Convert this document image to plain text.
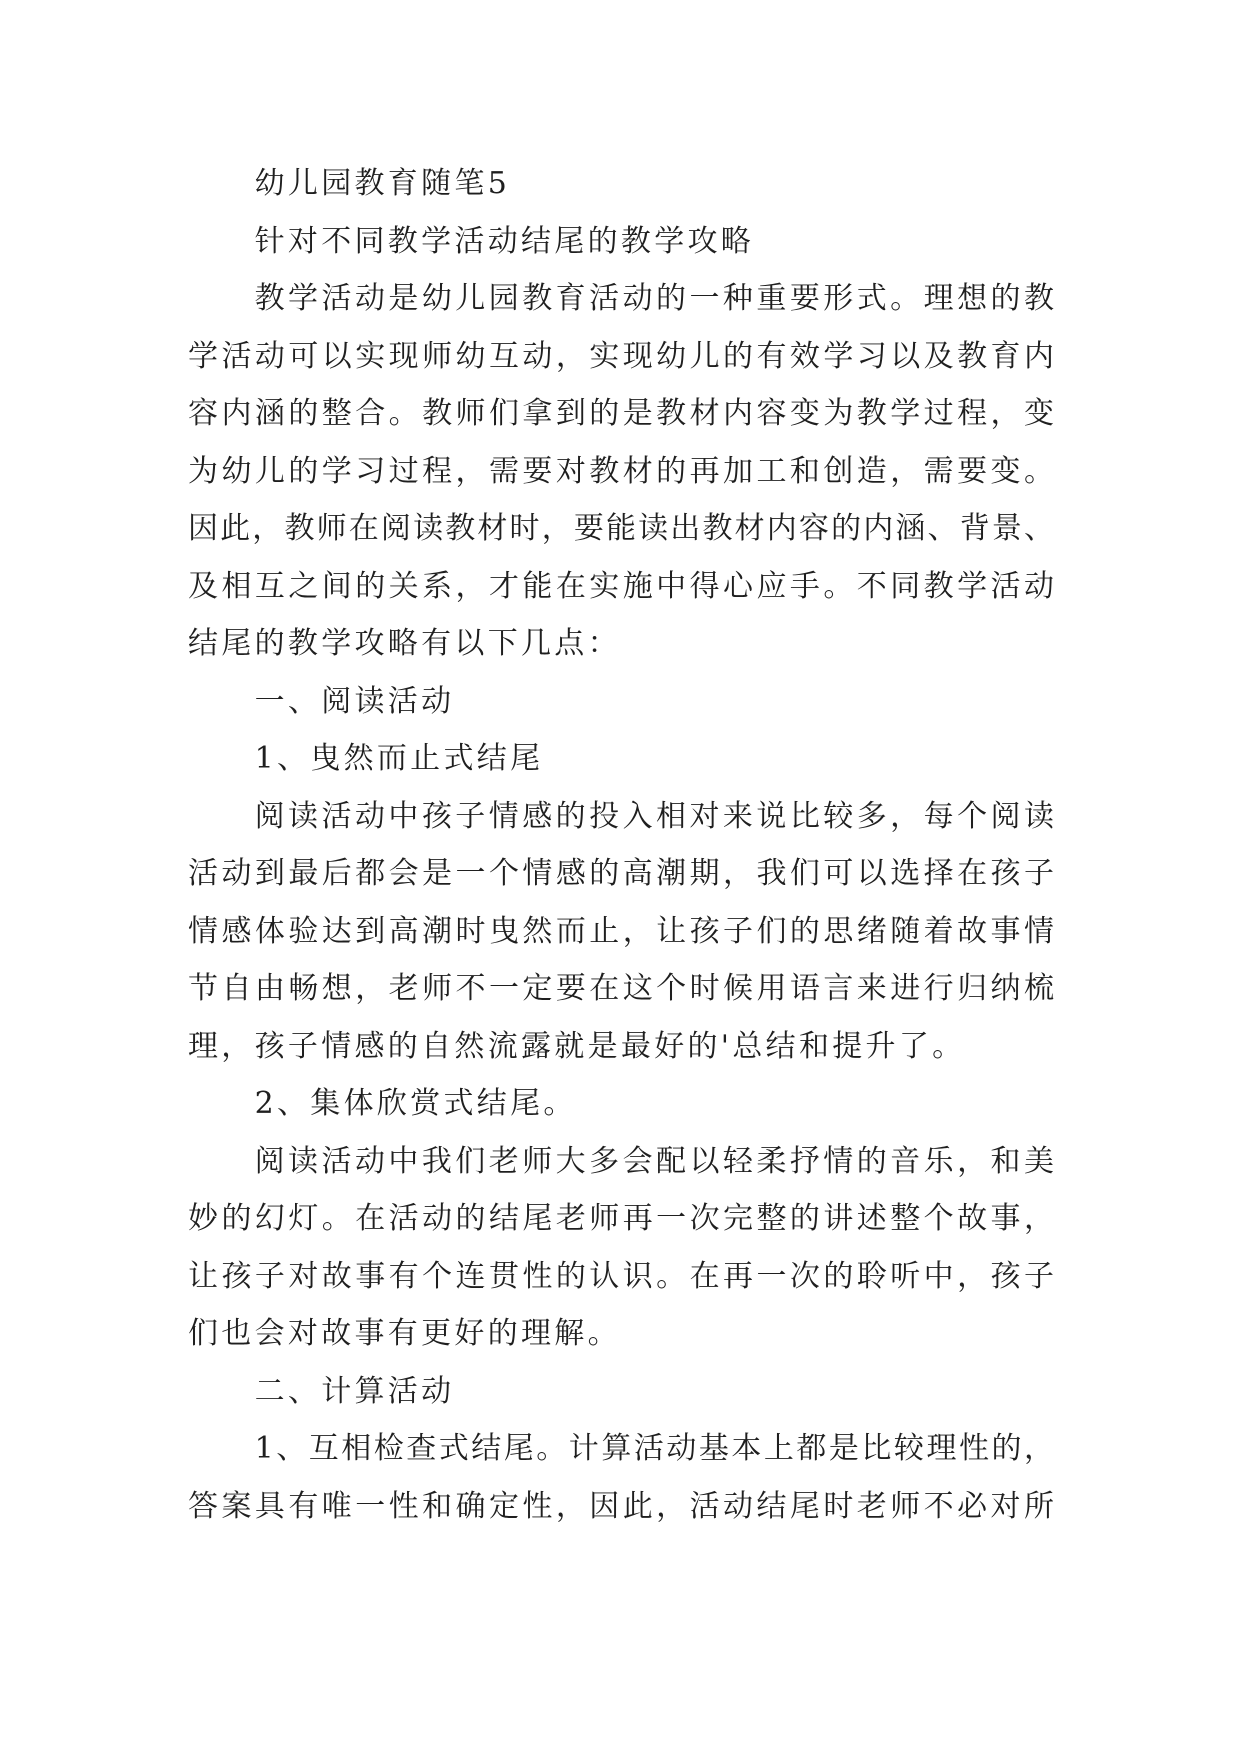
幼儿园教育随笔5
针对不同教学活动结尾的教学攻略
教学活动是幼儿园教育活动的一种重要形式。理想的教
学活动可以实现师幼互动，实现幼儿的有效学习以及教育内
容内涵的整合。教师们拿到的是教材内容变为教学过程，变
为幼儿的学习过程，需要对教材的再加工和创造，需要变。
因此，教师在阅读教材时，要能读出教材内容的内涵、背景、
及相互之间的关系，才能在实施中得心应手。不同教学活动
结尾的教学攻略有以下几点：
一、阅读活动
1、曳然而止式结尾
阅读活动中孩子情感的投入相对来说比较多，每个阅读
活动到最后都会是一个情感的高潮期，我们可以选择在孩子
情感体验达到高潮时曳然而止，让孩子们的思绪随着故事情
节自由畅想，老师不一定要在这个时候用语言来进行归纳梳
理，孩子情感的自然流露就是最好的'总结和提升了。
2、集体欣赏式结尾。
阅读活动中我们老师大多会配以轻柔抒情的音乐，和美
妙的幻灯。在活动的结尾老师再一次完整的讲述整个故事，
让孩子对故事有个连贯性的认识。在再一次的聆听中，孩子
们也会对故事有更好的理解。
二、计算活动
1、互相检查式结尾。计算活动基本上都是比较理性的，
答案具有唯一性和确定性，因此，活动结尾时老师不必对所
